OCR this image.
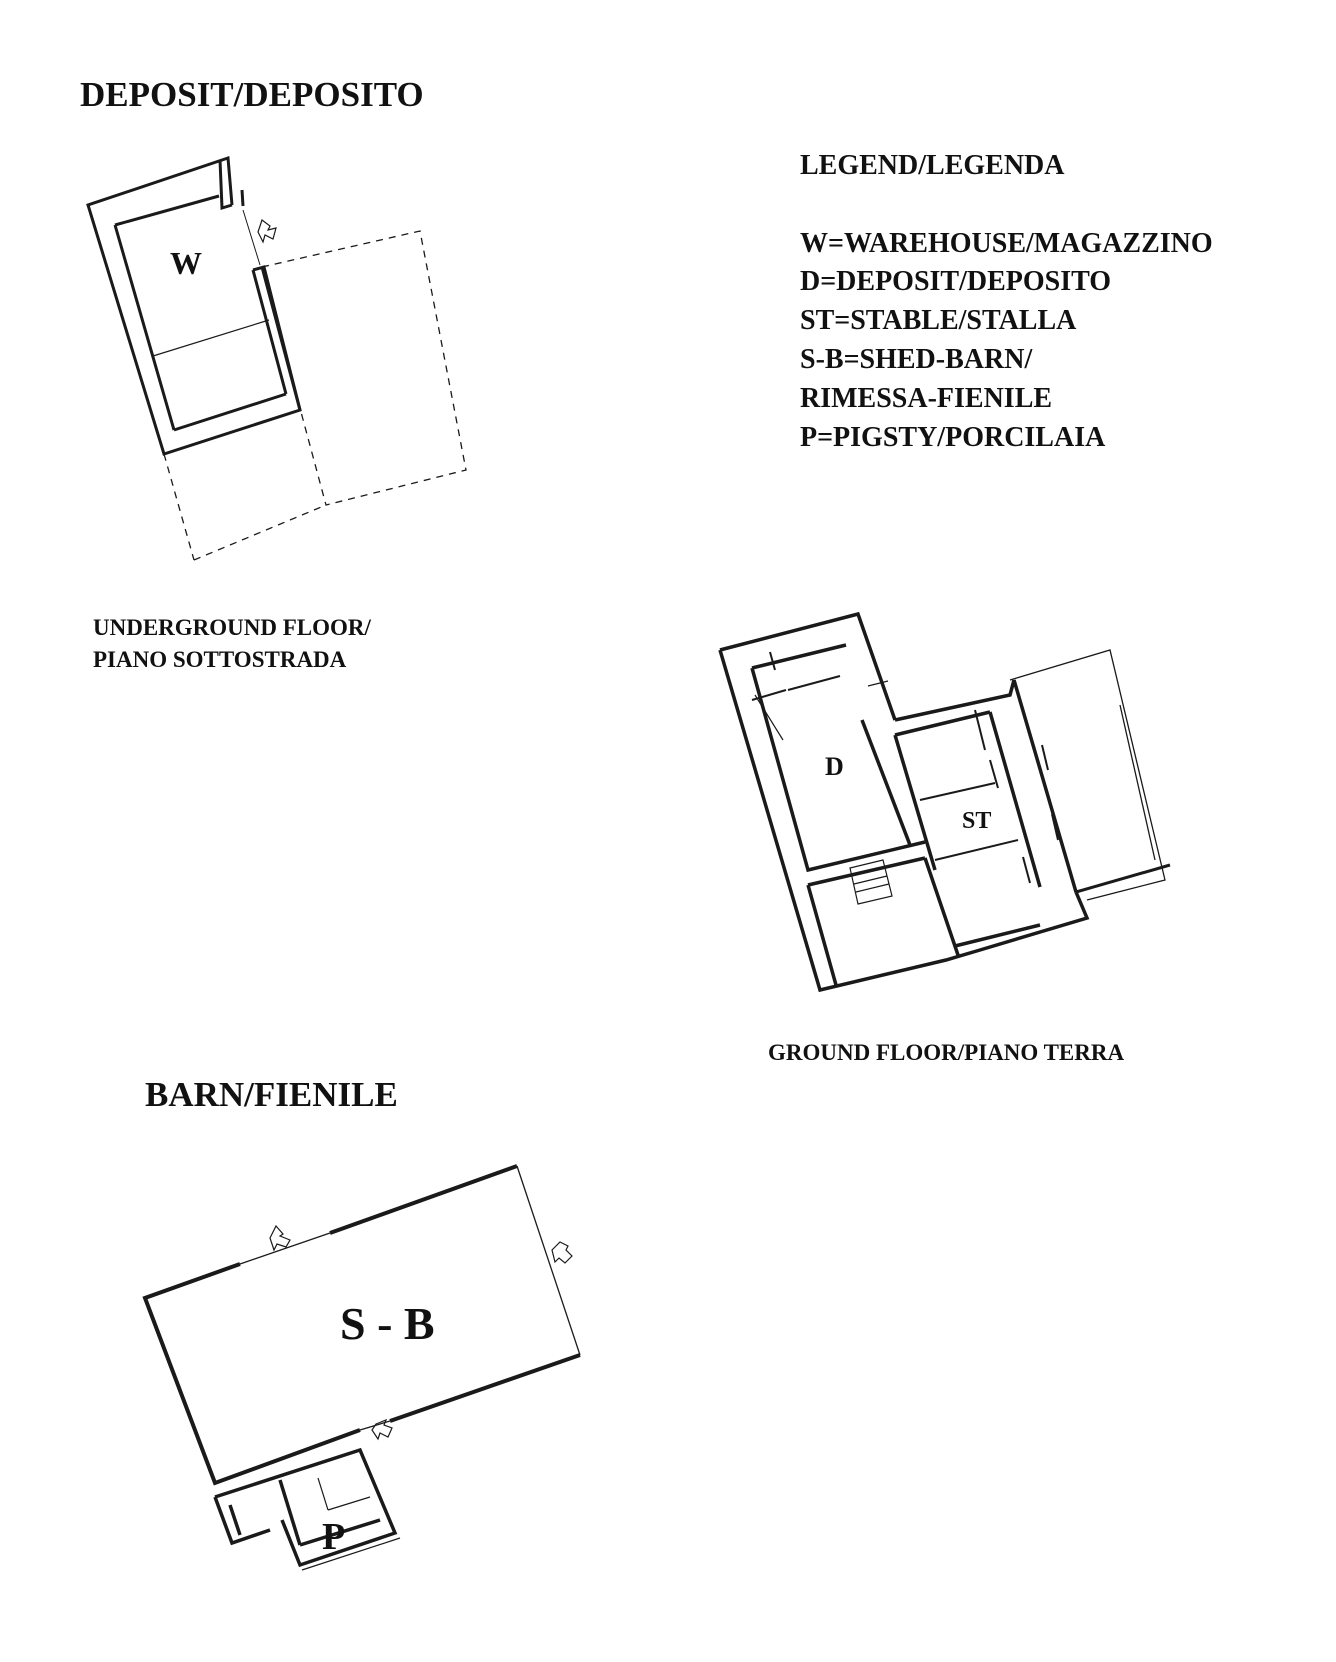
DEPOSIT/DEPOSITO
BARN/FIENILE
LEGEND/LEGENDA
W=WAREHOUSE/MAGAZZINO
D=DEPOSIT/DEPOSITO
ST=STABLE/STALLA
S-B=SHED-BARN/
RIMESSA-FIENILE
P=PIGSTY/PORCILAIA
UNDERGROUND FLOOR/
PIANO SOTTOSTRADA
GROUND FLOOR/PIANO TERRA
W
D
ST
S - B
P
